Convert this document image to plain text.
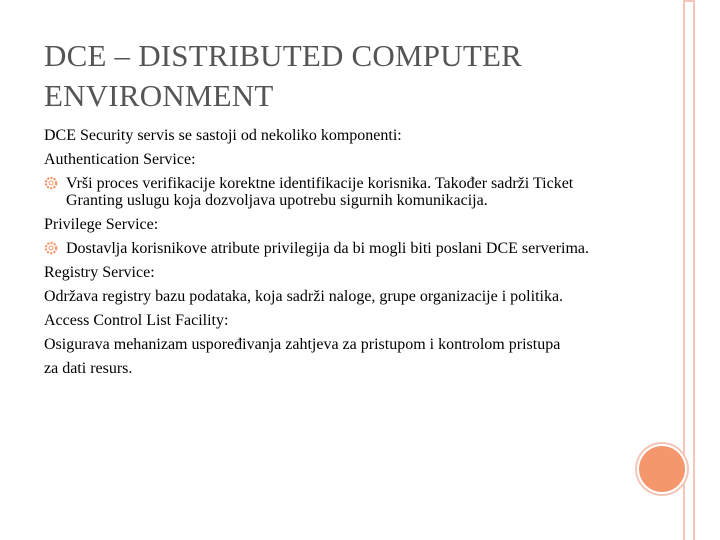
DCE – DISTRIBUTED COMPUTER
ENVIRONMENT
DCE Security servis se sastoji od nekoliko komponenti:
Authentication Service:
Vrši proces verifikacije korektne identifikacije korisnika. Također sadrži Ticket Granting uslugu koja dozvoljava upotrebu sigurnih komunikacija.
Privilege Service:
Dostavlja korisnikove atribute privilegija da bi mogli biti poslani DCE serverima.
Registry Service:
Održava registry bazu podataka, koja sadrži naloge, grupe organizacije i politika.
Access Control List Facility:
Osigurava mehanizam uspoređivanja zahtjeva za pristupom i kontrolom pristupa
za dati resurs.
